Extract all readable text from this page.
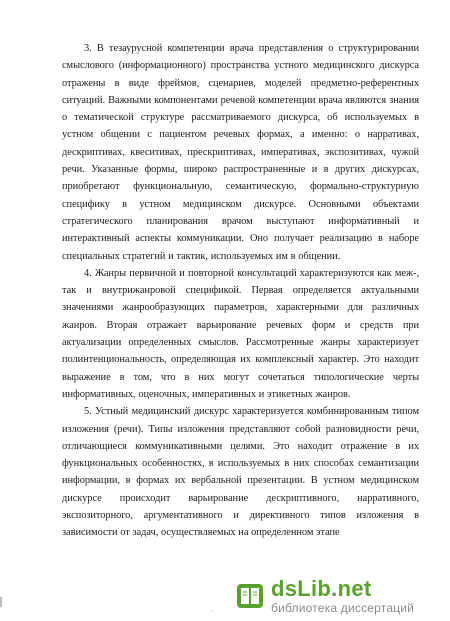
3. В тезаурусной компетенции врача представления о структурировании смыслового (информационного) пространства устного медицинского дискурса отражены в виде фреймов, сценариев, моделей предметно-референтных ситуаций. Важными компонентами речевой компетенции врача являются знания о тематической структуре рассматриваемого дискурса, об используемых в устном общении с пациентом речевых формах, а именно: о нарративах, дескриптивах, квеситивах, прескриптивах, императивах, экспозитивах, чужой речи. Указанные формы, широко распространенные и в других дискурсах, приобретают функциональную, семантическую, формально-структурную специфику в устном медицинском дискурсе. Основными объектами стратегического планирования врачом выступают информативный и интерактивный аспекты коммуникации. Оно получает реализацию в наборе специальных стратегий и тактик, используемых им в общении.

4. Жанры первичной и повторной консультаций характеризуются как меж-, так и внутрижанровой спецификой. Первая определяется актуальными значениями жанрообразующих параметров, характерными для различных жанров. Вторая отражает варьирование речевых форм и средств при актуализации определенных смыслов. Рассмотренные жанры характеризует полинтенциональность, определяющая их комплексный характер. Это находит выражение в том, что в них могут сочетаться типологические черты информативных, оценочных, императивных и этикетных жанров.

5. Устный медицинский дискурс характеризуется комбинированным типом изложения (речи). Типы изложения представляют собой разновидности речи, отличающиеся коммуникативными целями. Это находит отражение в их функциональных особенностях, в используемых в них способах семантизации информации, в формах их вербальной презентации. В устном медицинском дискурсе происходит варьирование дескриптивного, нарративного, экспозиторного, аргументативного и директивного типов изложения в зависимости от задач, осуществляемых на определенном этапе

'
dsLib.net
библиотека диссертаций
